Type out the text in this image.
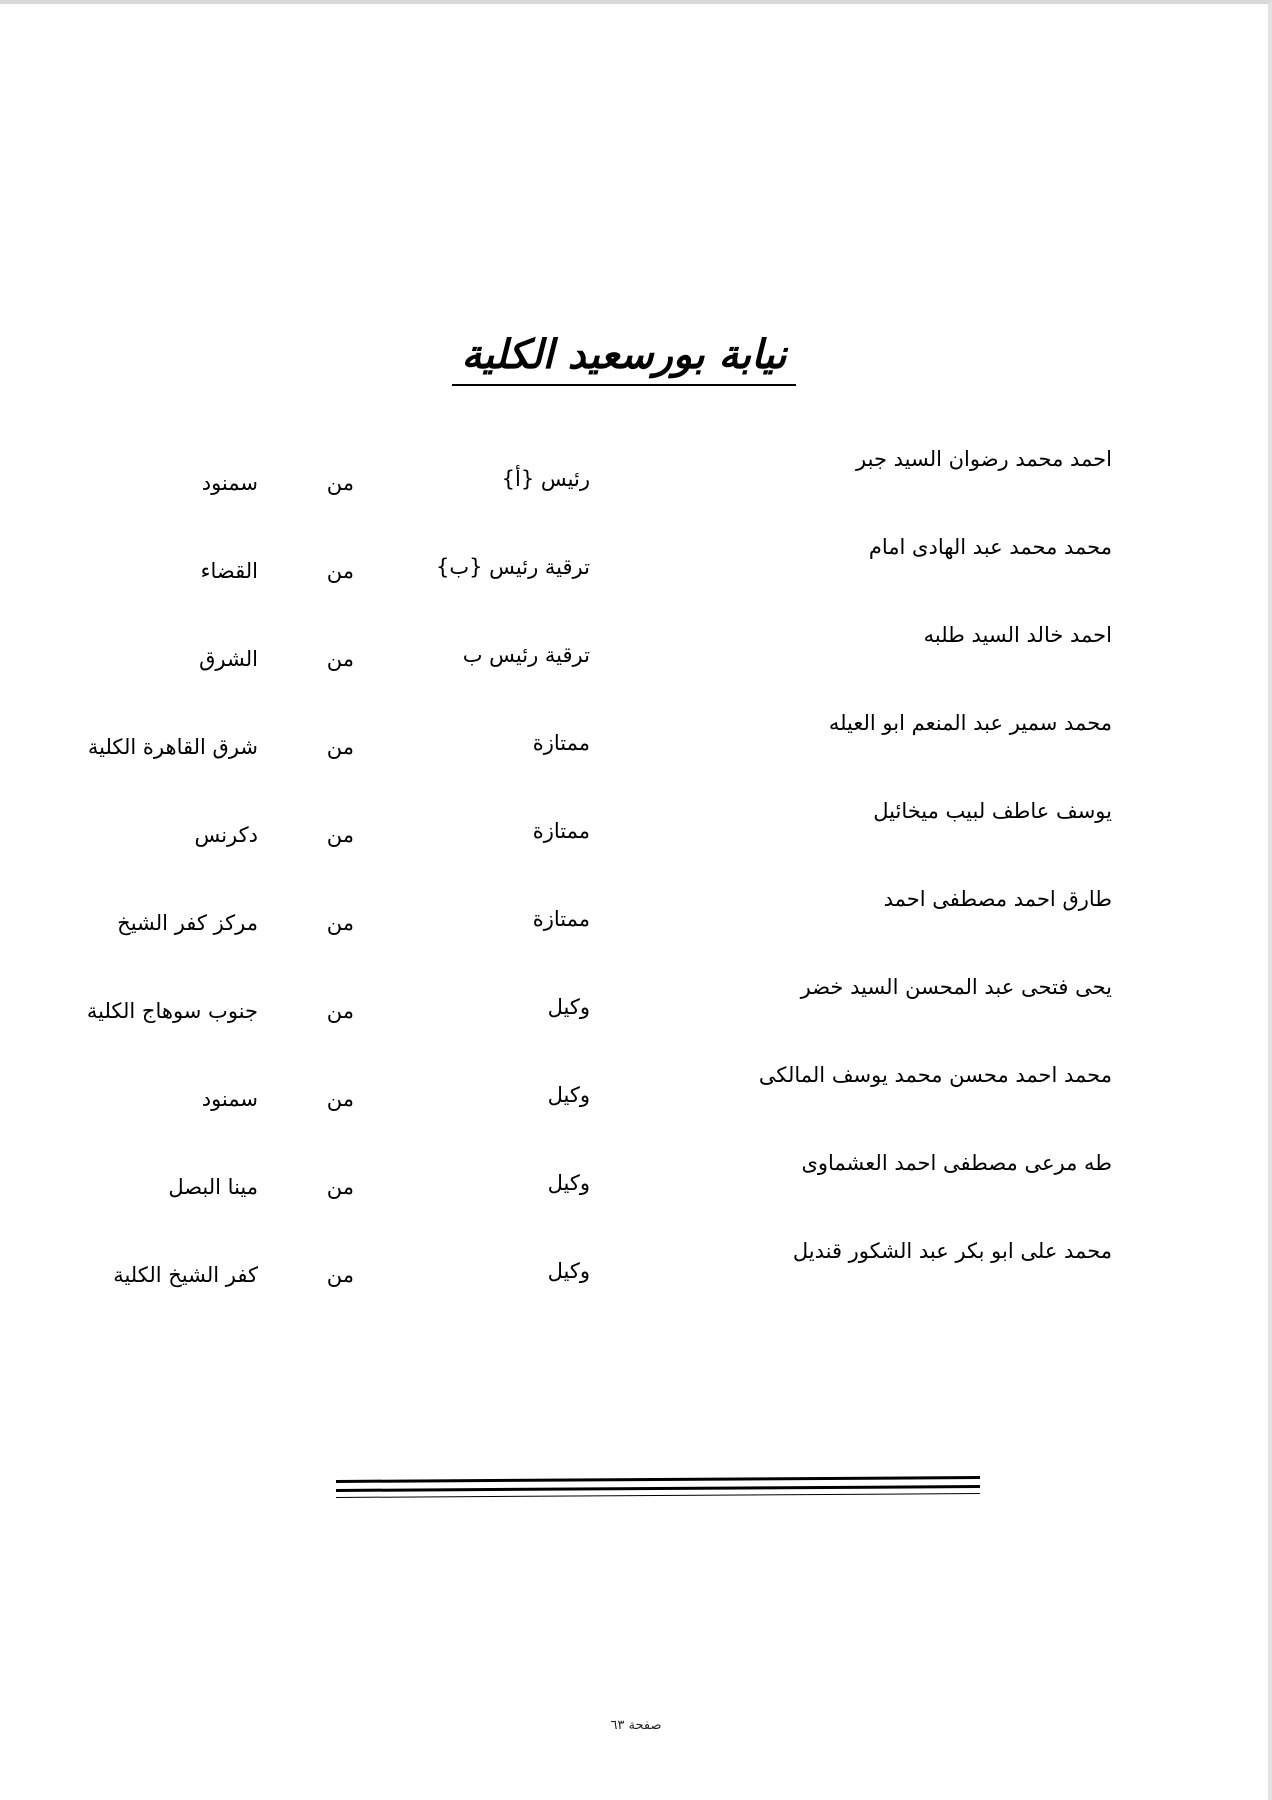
نيابة بورسعيد الكلية
احمد محمد رضوان السيد جبر
رئيس {أ}
من
سمنود
محمد محمد عبد الهادى امام
ترقية رئيس {ب}
من
القضاء
احمد خالد السيد طلبه
ترقية رئيس ب
من
الشرق
محمد سمير عبد المنعم ابو العيله
ممتازة
من
شرق القاهرة الكلية
يوسف عاطف لبيب ميخائيل
ممتازة
من
دكرنس
طارق احمد مصطفى احمد
ممتازة
من
مركز كفر الشيخ
يحى فتحى عبد المحسن السيد خضر
وكيل
من
جنوب سوهاج الكلية
محمد احمد محسن محمد يوسف المالكى
وكيل
من
سمنود
طه مرعى مصطفى احمد العشماوى
وكيل
من
مينا البصل
محمد على ابو بكر عبد الشكور قنديل
وكيل
من
كفر الشيخ الكلية
صفحة ٦٣
